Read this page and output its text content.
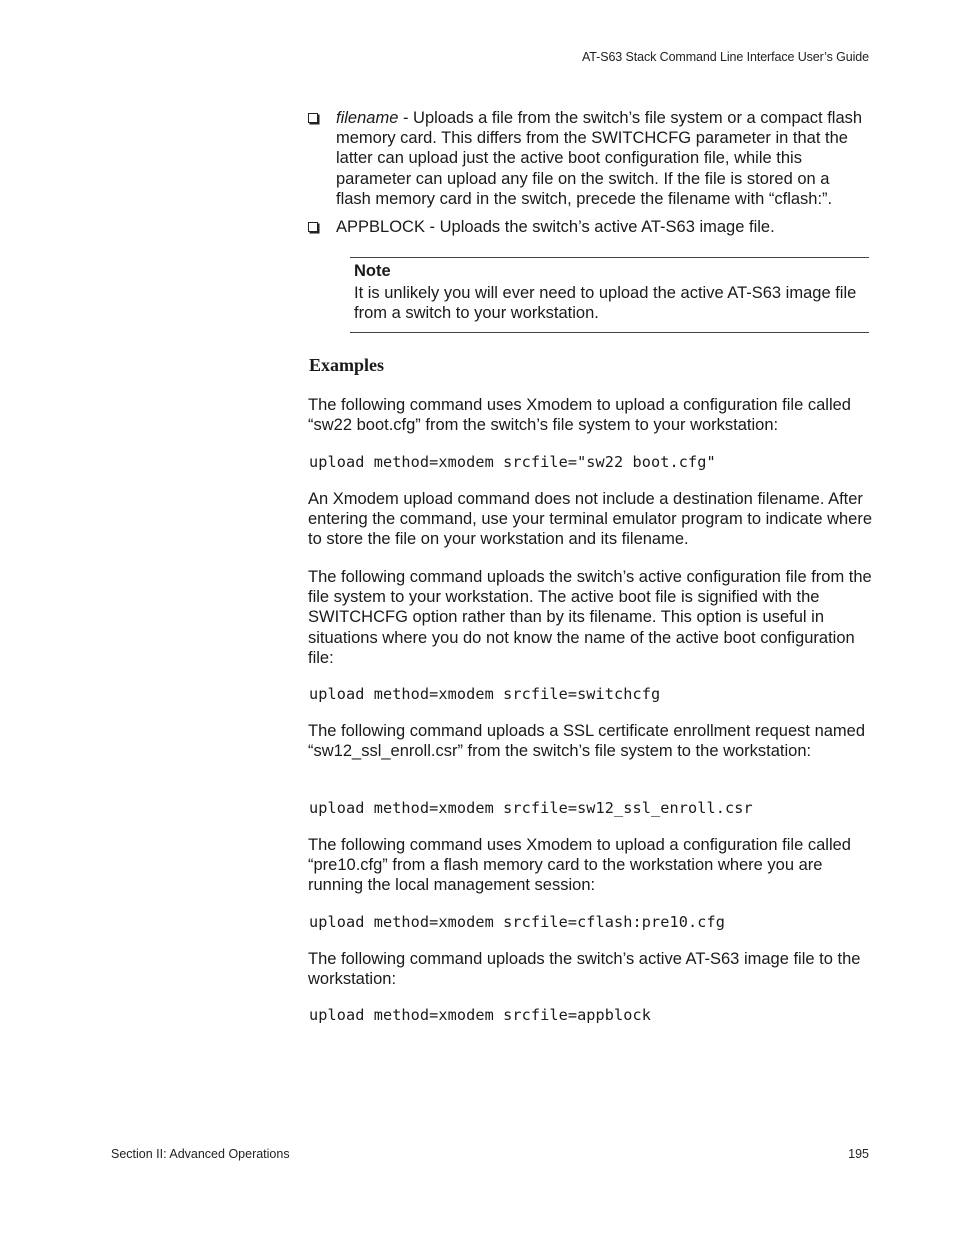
AT-S63 Stack Command Line Interface User’s Guide
filename - Uploads a file from the switch’s file system or a compact flash memory card. This differs from the SWITCHCFG parameter in that the latter can upload just the active boot configuration file, while this parameter can upload any file on the switch. If the file is stored on a flash memory card in the switch, precede the filename with “cflash:”.
APPBLOCK - Uploads the switch’s active AT-S63 image file.
Note
It is unlikely you will ever need to upload the active AT-S63 image file from a switch to your workstation.
Examples
The following command uses Xmodem to upload a configuration file called “sw22 boot.cfg” from the switch’s file system to your workstation:
upload method=xmodem srcfile="sw22 boot.cfg"
An Xmodem upload command does not include a destination filename. After entering the command, use your terminal emulator program to indicate where to store the file on your workstation and its filename.
The following command uploads the switch’s active configuration file from the file system to your workstation. The active boot file is signified with the SWITCHCFG option rather than by its filename. This option is useful in situations where you do not know the name of the active boot configuration file:
upload method=xmodem srcfile=switchcfg
The following command uploads a SSL certificate enrollment request named “sw12_ssl_enroll.csr” from the switch’s file system to the workstation:
upload method=xmodem srcfile=sw12_ssl_enroll.csr
The following command uses Xmodem to upload a configuration file called “pre10.cfg” from a flash memory card to the workstation where you are running the local management session:
upload method=xmodem srcfile=cflash:pre10.cfg
The following command uploads the switch’s active AT-S63 image file to the workstation:
upload method=xmodem srcfile=appblock
Section II: Advanced Operations	195
